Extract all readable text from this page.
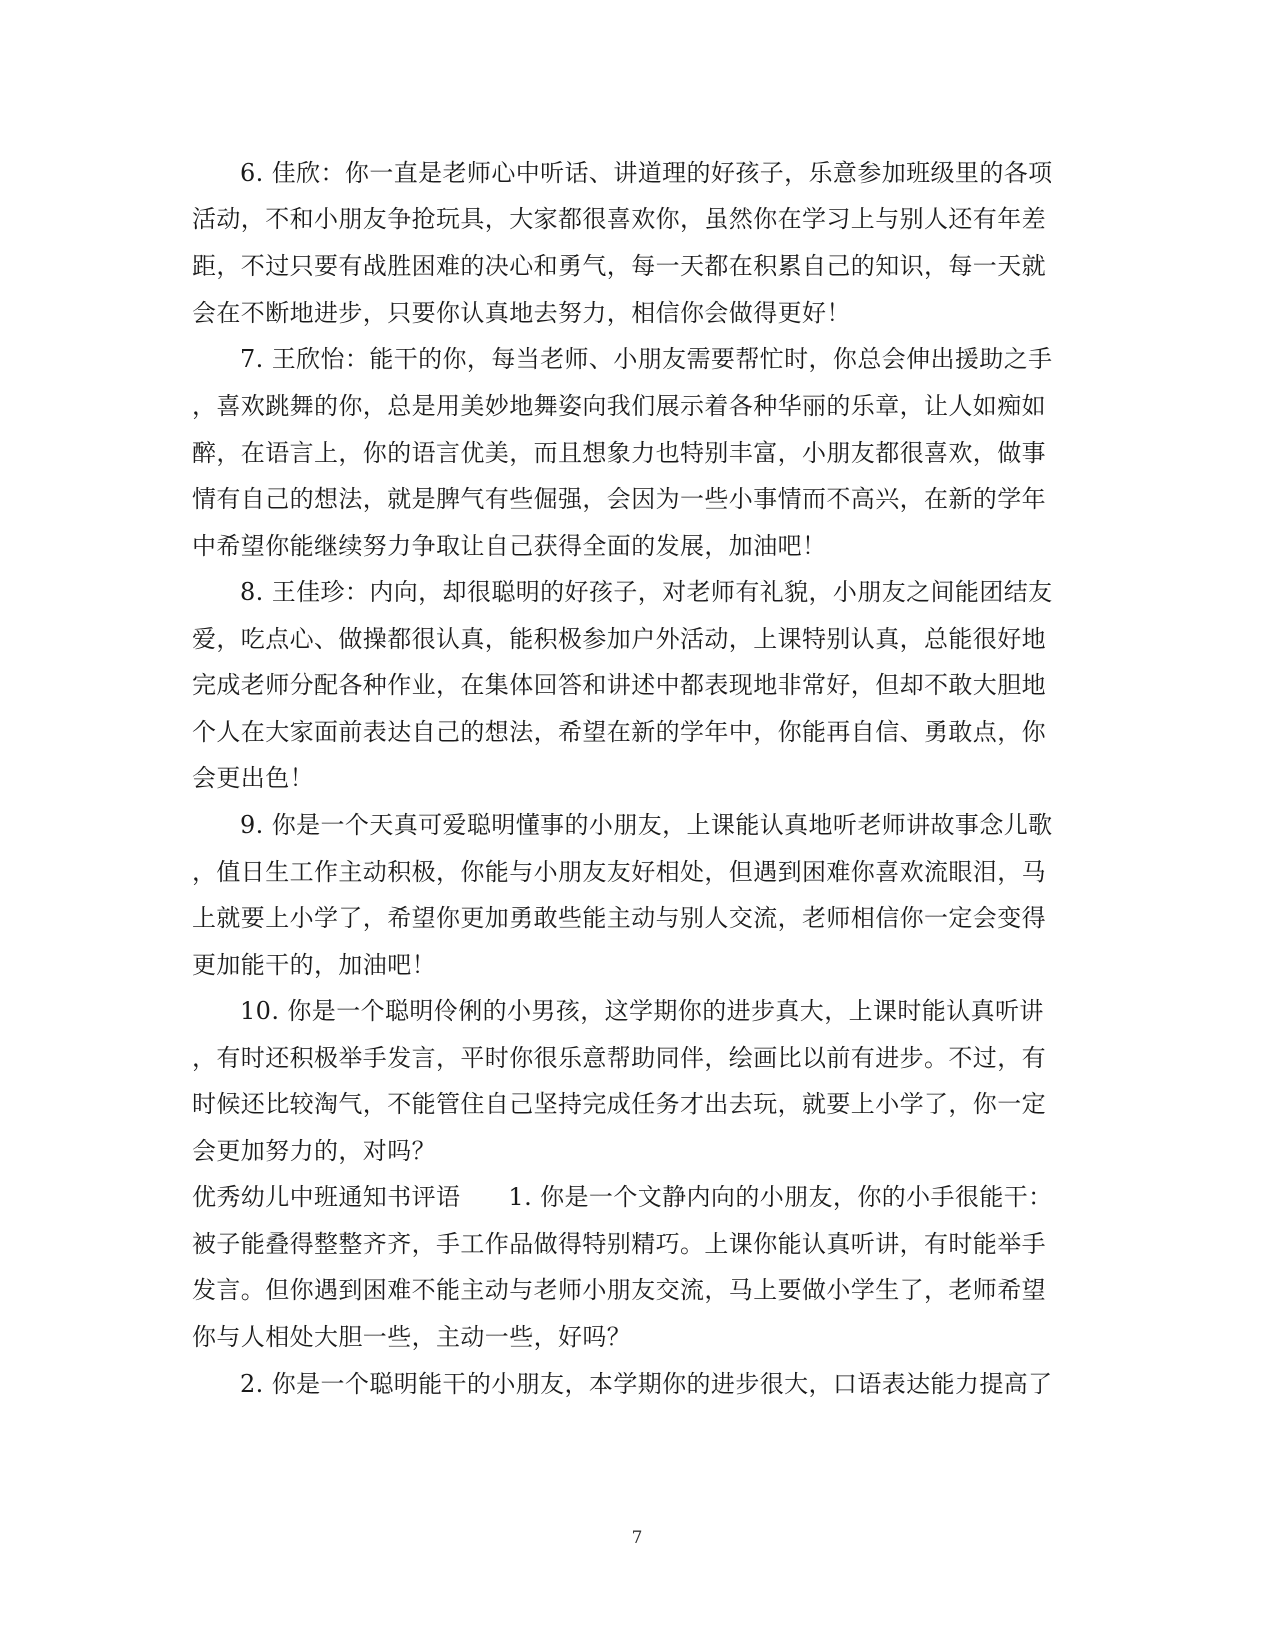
6. 佳欣：你一直是老师心中听话、讲道理的好孩子，乐意参加班级里的各项
活动，不和小朋友争抢玩具，大家都很喜欢你，虽然你在学习上与别人还有年差
距，不过只要有战胜困难的决心和勇气，每一天都在积累自己的知识，每一天就
会在不断地进步，只要你认真地去努力，相信你会做得更好！
7. 王欣怡：能干的你，每当老师、小朋友需要帮忙时，你总会伸出援助之手
，喜欢跳舞的你，总是用美妙地舞姿向我们展示着各种华丽的乐章，让人如痴如
醉，在语言上，你的语言优美，而且想象力也特别丰富，小朋友都很喜欢，做事
情有自己的想法，就是脾气有些倔强，会因为一些小事情而不高兴，在新的学年
中希望你能继续努力争取让自己获得全面的发展，加油吧！
8. 王佳珍：内向，却很聪明的好孩子，对老师有礼貌，小朋友之间能团结友
爱，吃点心、做操都很认真，能积极参加户外活动，上课特别认真，总能很好地
完成老师分配各种作业，在集体回答和讲述中都表现地非常好，但却不敢大胆地
个人在大家面前表达自己的想法，希望在新的学年中，你能再自信、勇敢点，你
会更出色！
9. 你是一个天真可爱聪明懂事的小朋友，上课能认真地听老师讲故事念儿歌
，值日生工作主动积极，你能与小朋友友好相处，但遇到困难你喜欢流眼泪，马
上就要上小学了，希望你更加勇敢些能主动与别人交流，老师相信你一定会变得
更加能干的，加油吧！
10. 你是一个聪明伶俐的小男孩，这学期你的进步真大，上课时能认真听讲
，有时还积极举手发言，平时你很乐意帮助同伴，绘画比以前有进步。不过，有
时候还比较淘气，不能管住自己坚持完成任务才出去玩，就要上小学了，你一定
会更加努力的，对吗？
优秀幼儿中班通知书评语 1. 你是一个文静内向的小朋友，你的小手很能干：
被子能叠得整整齐齐，手工作品做得特别精巧。上课你能认真听讲，有时能举手
发言。但你遇到困难不能主动与老师小朋友交流，马上要做小学生了，老师希望
你与人相处大胆一些，主动一些，好吗？
2. 你是一个聪明能干的小朋友，本学期你的进步很大，口语表达能力提高了
7
